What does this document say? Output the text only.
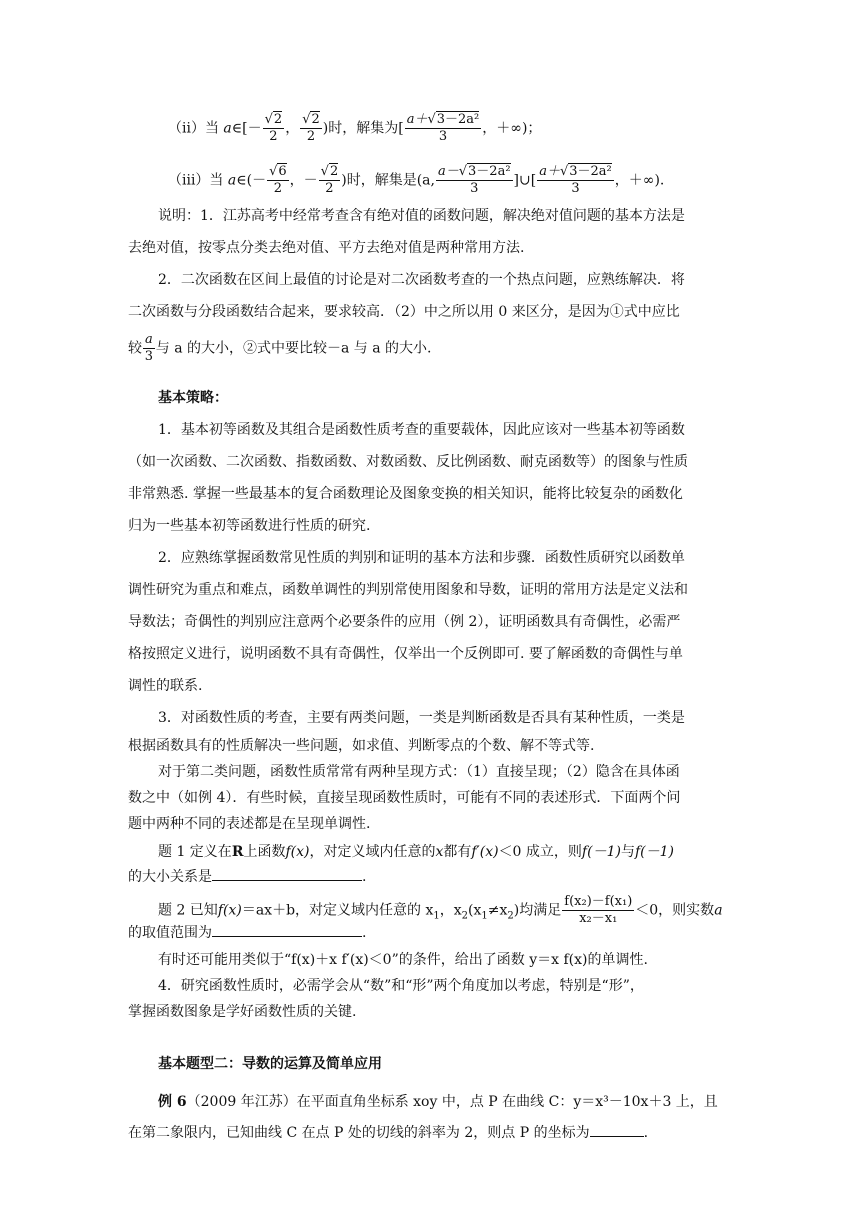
（ⅱ）当 a∈[－ $\frac{√2}{2}$ ， $\frac{√2}{2}$ )时，解集为[ $\frac{\text{a＋√3－2a²}}{3}$ ，＋∞)；
（ⅲ）当 a∈(－ $\frac{√6}{2}$ ，－ $\frac{√2}{2}$ )时，解集是(a, $\frac{\text{a－√3－2a²}}{3}$ ]∪[ $\frac{\text{a＋√3－2a²}}{3}$ ，＋∞).
说明：1．江苏高考中经常考查含有绝对值的函数问题，解决绝对值问题的基本方法是
去绝对值，按零点分类去绝对值、平方去绝对值是两种常用方法.
2．二次函数在区间上最值的讨论是对二次函数考查的一个热点问题，应熟练解决．将
二次函数与分段函数结合起来，要求较高．（2）中之所以用 0 来区分，是因为①式中应比
较 $\frac{a}{3}$ 与 a 的大小，②式中要比较－a 与 a 的大小.
基本策略：
1．基本初等函数及其组合是函数性质考查的重要载体，因此应该对一些基本初等函数
（如一次函数、二次函数、指数函数、对数函数、反比例函数、耐克函数等）的图象与性质
非常熟悉. 掌握一些最基本的复合函数理论及图象变换的相关知识，能将比较复杂的函数化
归为一些基本初等函数进行性质的研究.
2．应熟练掌握函数常见性质的判别和证明的基本方法和步骤．函数性质研究以函数单
调性研究为重点和难点，函数单调性的判别常使用图象和导数，证明的常用方法是定义法和
导数法；奇偶性的判别应注意两个必要条件的应用（例 2），证明函数具有奇偶性，必需严
格按照定义进行，说明函数不具有奇偶性，仅举出一个反例即可. 要了解函数的奇偶性与单
调性的联系.
3．对函数性质的考查，主要有两类问题，一类是判断函数是否具有某种性质，一类是
根据函数具有的性质解决一些问题，如求值、判断零点的个数、解不等式等.
对于第二类问题，函数性质常常有两种呈现方式：（1）直接呈现；（2）隐含在具体函
数之中（如例 4）．有些时候，直接呈现函数性质时，可能有不同的表述形式．下面两个问
题中两种不同的表述都是在呈现单调性.
题 1 定义在R上函数f(x)，对定义域内任意的x都有f′(x)＜0 成立，则f(－1)与f(－1)
的大小关系是	.
题 2 已知f(x)＝ax＋b，对定义域内任意的 $x_1$，$x_2(x_1\ne x_2)$均满足 $\frac{\text{f(x₂)－f(x₁)}}{\text{x₂－x₁}} <0$，则实数a
的取值范围为	.
有时还可能用类似于“f(x)＋x f′(x)＜0”的条件，给出了函数 y＝x f(x)的单调性.
4．研究函数性质时，必需学会从“数”和“形”两个角度加以考虑，特别是“形”，
掌握函数图象是学好函数性质的关键.
基本题型二：导数的运算及简单应用
例 6（2009 年江苏）在平面直角坐标系 xoy 中，点 P 在曲线 C：y＝x³－10x＋3 上，且
在第二象限内，已知曲线 C 在点 P 处的切线的斜率为 2，则点 P 的坐标为	.
